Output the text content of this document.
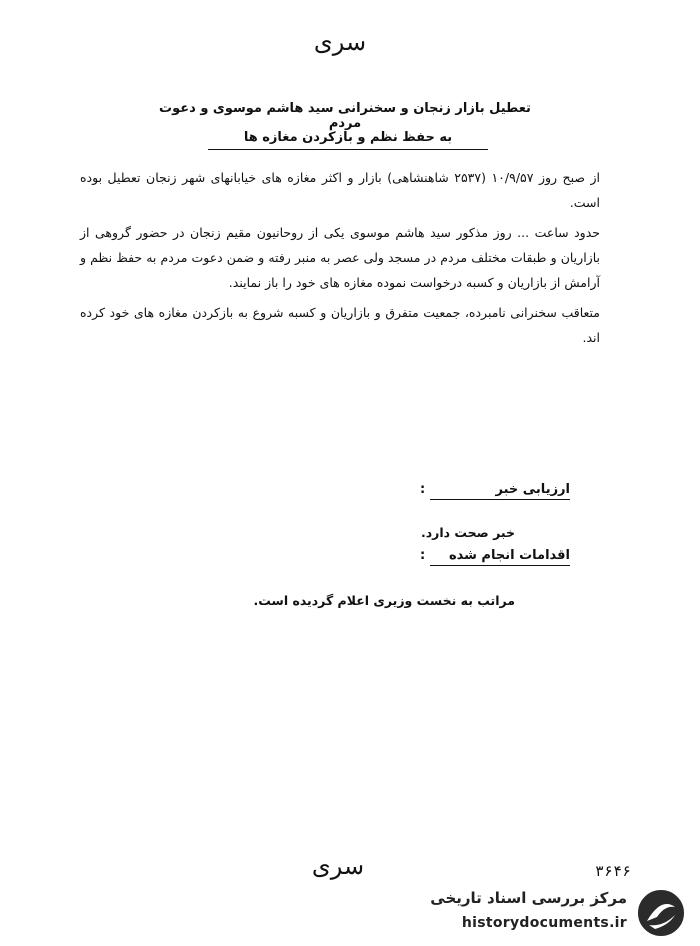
سری
تعطیل بازار زنجان و سخنرانی سید هاشم موسوی و دعوت مردم
به حفظ نظم و بازکردن مغازه ها

از صبح روز ۱۰/۹/۵۷ (۲۵۳۷ شاهنشاهی) بازار و اکثر مغازه های خیابانهای شهر زنجان تعطیل بوده است.

حدود ساعت ... روز مذکور سید هاشم موسوی یکی از روحانیون مقیم زنجان در حضور گروهی از بازاریان و طبقات مختلف مردم در مسجد ولی عصر به منبر رفته و ضمن دعوت مردم به حفظ نظم و آرامش از بازاریان و کسبه درخواست نموده مغازه های خود را باز نمایند.

متعاقب سخنرانی نامبرده، جمعیت متفرق و بازاریان و کسبه شروع به بازکردن مغازه های خود کرده اند.

ارزیابی خبر
:
خبر صحت دارد.
اقدامات انجام شده
:
مراتب به نخست وزیری اعلام گردیده است.
سری	۳۶۴۶
مرکز بررسی اسناد تاریخی
historydocuments.ir
